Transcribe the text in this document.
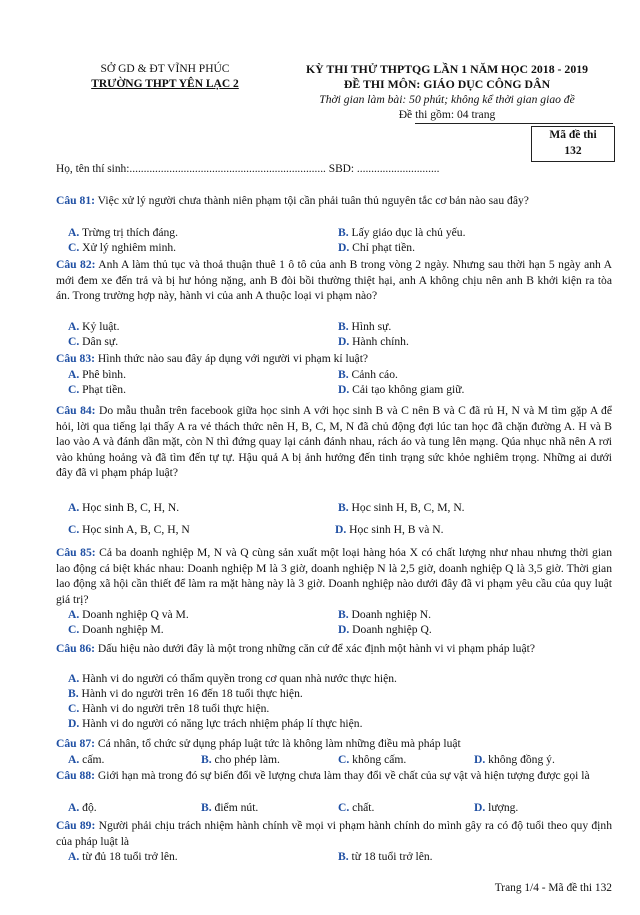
SỞ GD & ĐT VĨNH PHÚC
TRƯỜNG THPT YÊN LẠC 2
KỲ THI THỬ THPTQG LẦN 1 NĂM HỌC 2018 - 2019
ĐỀ THI MÔN: GIÁO DỤC CÔNG DÂN
Thời gian làm bài: 50 phút; không kể thời gian giao đề
Đề thi gồm: 04 trang
Mã đề thi
132
Họ, tên thí sinh:..................................................................... SBD: .............................
Câu 81: Việc xử lý người chưa thành niên phạm tội cần phải tuân thủ nguyên tắc cơ bản nào sau đây?
A. Trừng trị thích đáng.	B. Lấy giáo dục là chủ yếu.
C. Xử lý nghiêm minh.	D. Chỉ phạt tiền.
Câu 82: Anh A làm thủ tục và thoả thuận thuê 1 ô tô của anh B trong vòng 2 ngày. Nhưng sau thời hạn 5 ngày anh A mới đem xe đến trả và bị hư hỏng nặng, anh B đòi bồi thường thiệt hại, anh A không chịu nên anh B khởi kiện ra tòa án. Trong trường hợp này, hành vi của anh A thuộc loại vi phạm nào?
A. Kỷ luật.	B. Hình sự.
C. Dân sự.	D. Hành chính.
Câu 83: Hình thức nào sau đây áp dụng với người vi phạm kỉ luật?
A. Phê bình.	B. Cảnh cáo.
C. Phạt tiền.	D. Cải tạo không giam giữ.
Câu 84: Do mẫu thuẫn trên facebook giữa học sinh A với học sinh B và C nên B và C đã rủ H, N và M tìm gặp A để hỏi, lời qua tiếng lại thấy A ra vẻ thách thức nên H, B, C, M, N đã chủ động đợi lúc tan học đã chặn đường A. H và B lao vào A và đánh dần mặt, còn N thì đứng quay lại cảnh đánh nhau, rách áo và tung lên mạng. Qúa nhục nhã nên A rơi vào khủng hoảng và đã tìm đến tự tự. Hậu quả A bị ảnh hưởng đến tinh trạng sức khỏe nghiêm trọng. Những ai dưới đây đã vi phạm pháp luật?
A. Học sinh B, C, H, N.	B. Học sinh H, B, C, M, N.
C. Học sinh A, B, C, H, N	D. Học sinh H, B và N.
Câu 85: Cả ba doanh nghiệp M, N và Q cùng sản xuất một loại hàng hóa X có chất lượng như nhau nhưng thời gian lao động cá biệt khác nhau: Doanh nghiệp M là 3 giờ, doanh nghiệp N là 2,5 giờ, doanh nghiệp Q là 3,5 giờ. Thời gian lao động xã hội cần thiết để làm ra mặt hàng này là 3 giờ. Doanh nghiệp nào dưới đây đã vi phạm yêu cầu của quy luật giá trị?
A. Doanh nghiệp Q và M.	B. Doanh nghiệp N.
C. Doanh nghiệp M.	D. Doanh nghiệp Q.
Câu 86: Dấu hiệu nào dưới đây là một trong những căn cứ để xác định một hành vi vi phạm pháp luật?
A. Hành vi do người có thẩm quyền trong cơ quan nhà nước thực hiện.
B. Hành vi do người trên 16 đến 18 tuổi thực hiện.
C. Hành vi do người trên 18 tuổi thực hiện.
D. Hành vi do người có năng lực trách nhiệm pháp lí thực hiện.
Câu 87: Cá nhân, tổ chức sử dụng pháp luật tức là không làm những điều mà pháp luật
A. cấm.	B. cho phép làm.	C. không cấm.	D. không đồng ý.
Câu 88: Giới hạn mà trong đó sự biến đổi về lượng chưa làm thay đổi về chất của sự vật và hiện tượng được gọi là
A. độ.	B. điểm nút.	C. chất.	D. lượng.
Câu 89: Người phải chịu trách nhiệm hành chính về mọi vi phạm hành chính do mình gây ra có độ tuổi theo quy định của pháp luật là
A. từ đủ 18 tuổi trở lên.	B. từ 18 tuổi trở lên.
Trang 1/4 - Mã đề thi 132
